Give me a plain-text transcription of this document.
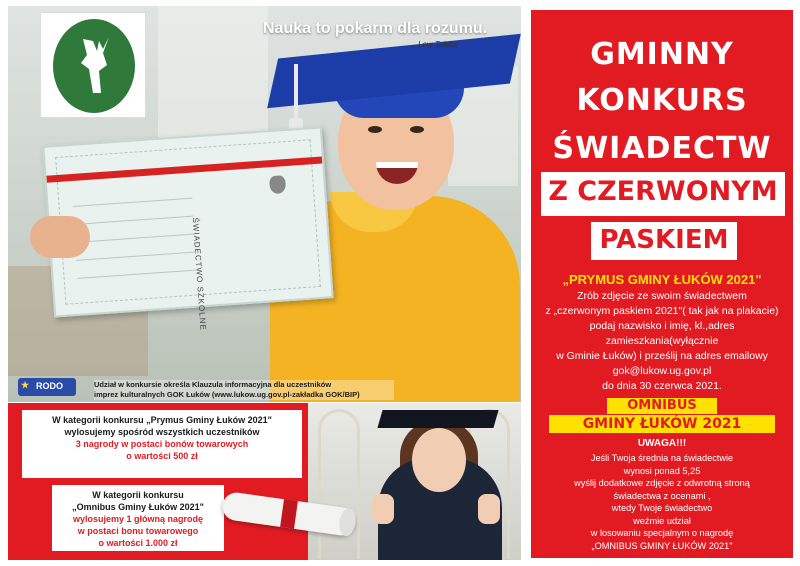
ŚWIADECTWO SZKOLNE
Gminny Ośrodek Kultury w Łukowie
Nauka to pokarm dla rozumu.
Lew Tołstoj
★ RODO	Udział w konkursie określa Klauzula informacyjna dla uczestników
imprez kulturalnych GOK Łuków (www.lukow.ug.gov.pl-zakładka GOK/BIP)
W kategorii konkursu „Prymus Gminy Łuków 2021"
wylosujemy spośród wszystkich uczestników
3 nagrody w postaci bonów towarowych
o wartości 500 zł
W kategorii konkursu
„Omnibus Gminy Łuków 2021"
wylosujemy 1 główną nagrodę
w postaci bonu towarowego
o wartości 1.000 zł
GMINNY
KONKURS
ŚWIADECTW
Z CZERWONYM
PASKIEM
„PRYMUS GMINY ŁUKÓW 2021"
Zrób zdjęcie ze swoim świadectwem
z „czerwonym paskiem 2021"( tak jak na plakacie)
podaj nazwisko i imię, kl.,adres zamieszkania(wyłącznie
w Gminie Łuków) i prześlij na adres emailowy
gok@lukow.ug.gov.pl
do dnia 30 czerwca 2021.
OMNIBUS
GMINY ŁUKÓW 2021
UWAGA!!!
Jeśli Twoja średnia na świadectwie
wynosi ponad 5,25
wyślij dodatkowe zdjęcie z odwrotną stroną
świadectwa z ocenami ,
wtedy Twoje świadectwo
weźmie udział
w losowaniu specjalnym o nagrodę
„OMNIBUS GMINY ŁUKÓW 2021"
